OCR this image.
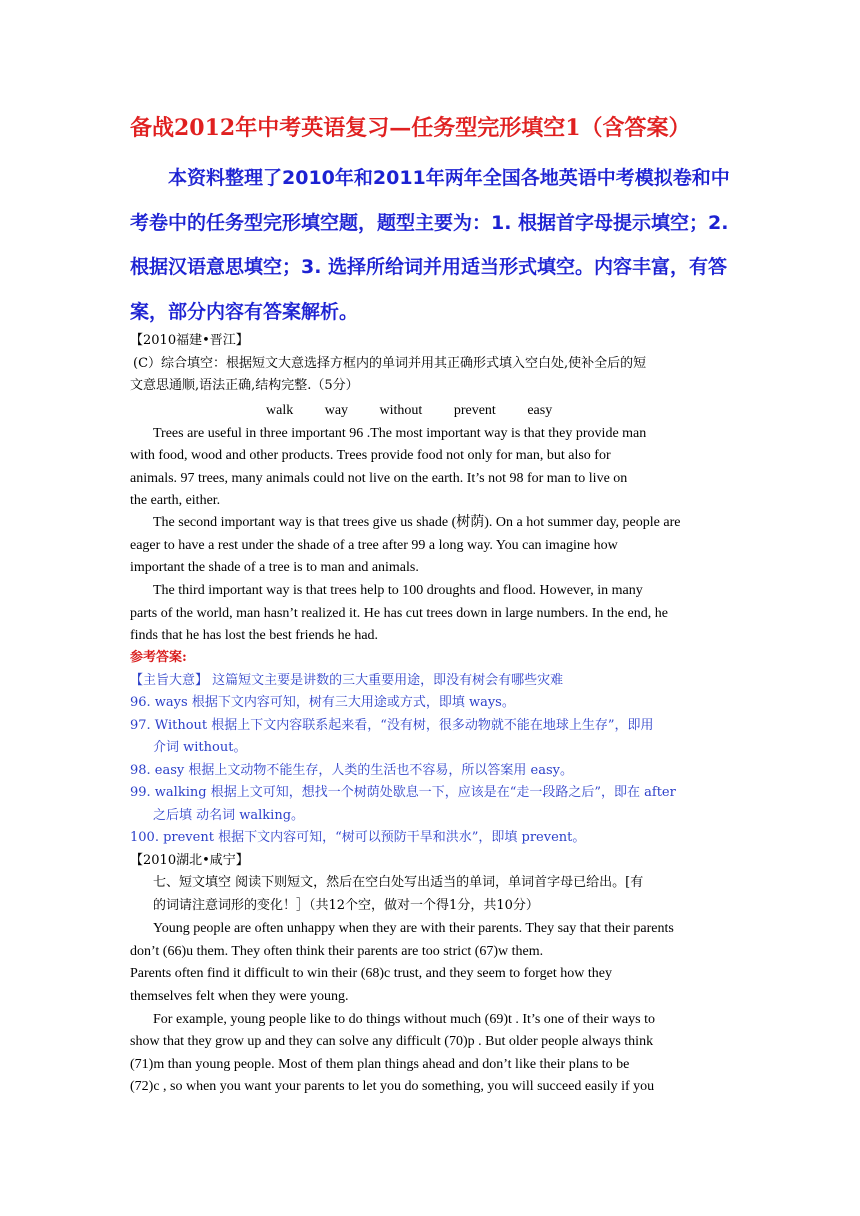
备战2012年中考英语复习—任务型完形填空1（含答案）

本资料整理了2010年和2011年两年全国各地英语中考模拟卷和中考卷中的任务型完形填空题，题型主要为：1. 根据首字母提示填空；2. 根据汉语意思填空；3. 选择所给词并用适当形式填空。内容丰富，有答案，部分内容有答案解析。

【2010福建•晋江】
(C）综合填空：根据短文大意选择方框内的单词并用其正确形式填入空白处,使补全后的短
文意思通顺,语法正确,结构完整.（5分）
walk way without prevent easy
Trees are useful in three important 96 .The most important way is that they provide man
with food, wood and other products. Trees provide food not only for man, but also for
animals. 97 trees, many animals could not live on the earth. It’s not 98 for man to live on
the earth, either.
The second important way is that trees give us shade (树荫). On a hot summer day, people are
eager to have a rest under the shade of a tree after 99 a long way. You can imagine how
important the shade of a tree is to man and animals.
The third important way is that trees help to 100 droughts and flood. However, in many
parts of the world, man hasn’t realized it. He has cut trees down in large numbers. In the end, he
finds that he has lost the best friends he had.
参考答案:
【主旨大意】 这篇短文主要是讲数的三大重要用途，即没有树会有哪些灾难
96. ways 根据下文内容可知，树有三大用途或方式，即填 ways。
97. Without 根据上下文内容联系起来看，“没有树，很多动物就不能在地球上生存”，即用
介词 without。
98. easy 根据上文动物不能生存，人类的生活也不容易，所以答案用 easy。
99. walking 根据上文可知，想找一个树荫处歇息一下，应该是在“走一段路之后”，即在 after
之后填 动名词 walking。
100. prevent 根据下文内容可知，“树可以预防干旱和洪水”，即填 prevent。
【2010湖北•咸宁】
七、短文填空 阅读下则短文，然后在空白处写出适当的单词，单词首字母已给出。[有
的词请注意词形的变化！］（共12个空，做对一个得1分，共10分）
Young people are often unhappy when they are with their parents. They say that their parents
don’t (66)u them. They often think their parents are too strict (67)w them.
Parents often find it difficult to win their (68)c trust, and they seem to forget how they
themselves felt when they were young.
For example, young people like to do things without much (69)t . It’s one of their ways to
show that they grow up and they can solve any difficult (70)p . But older people always think
(71)m than young people. Most of them plan things ahead and don’t like their plans to be
(72)c , so when you want your parents to let you do something, you will succeed easily if you
